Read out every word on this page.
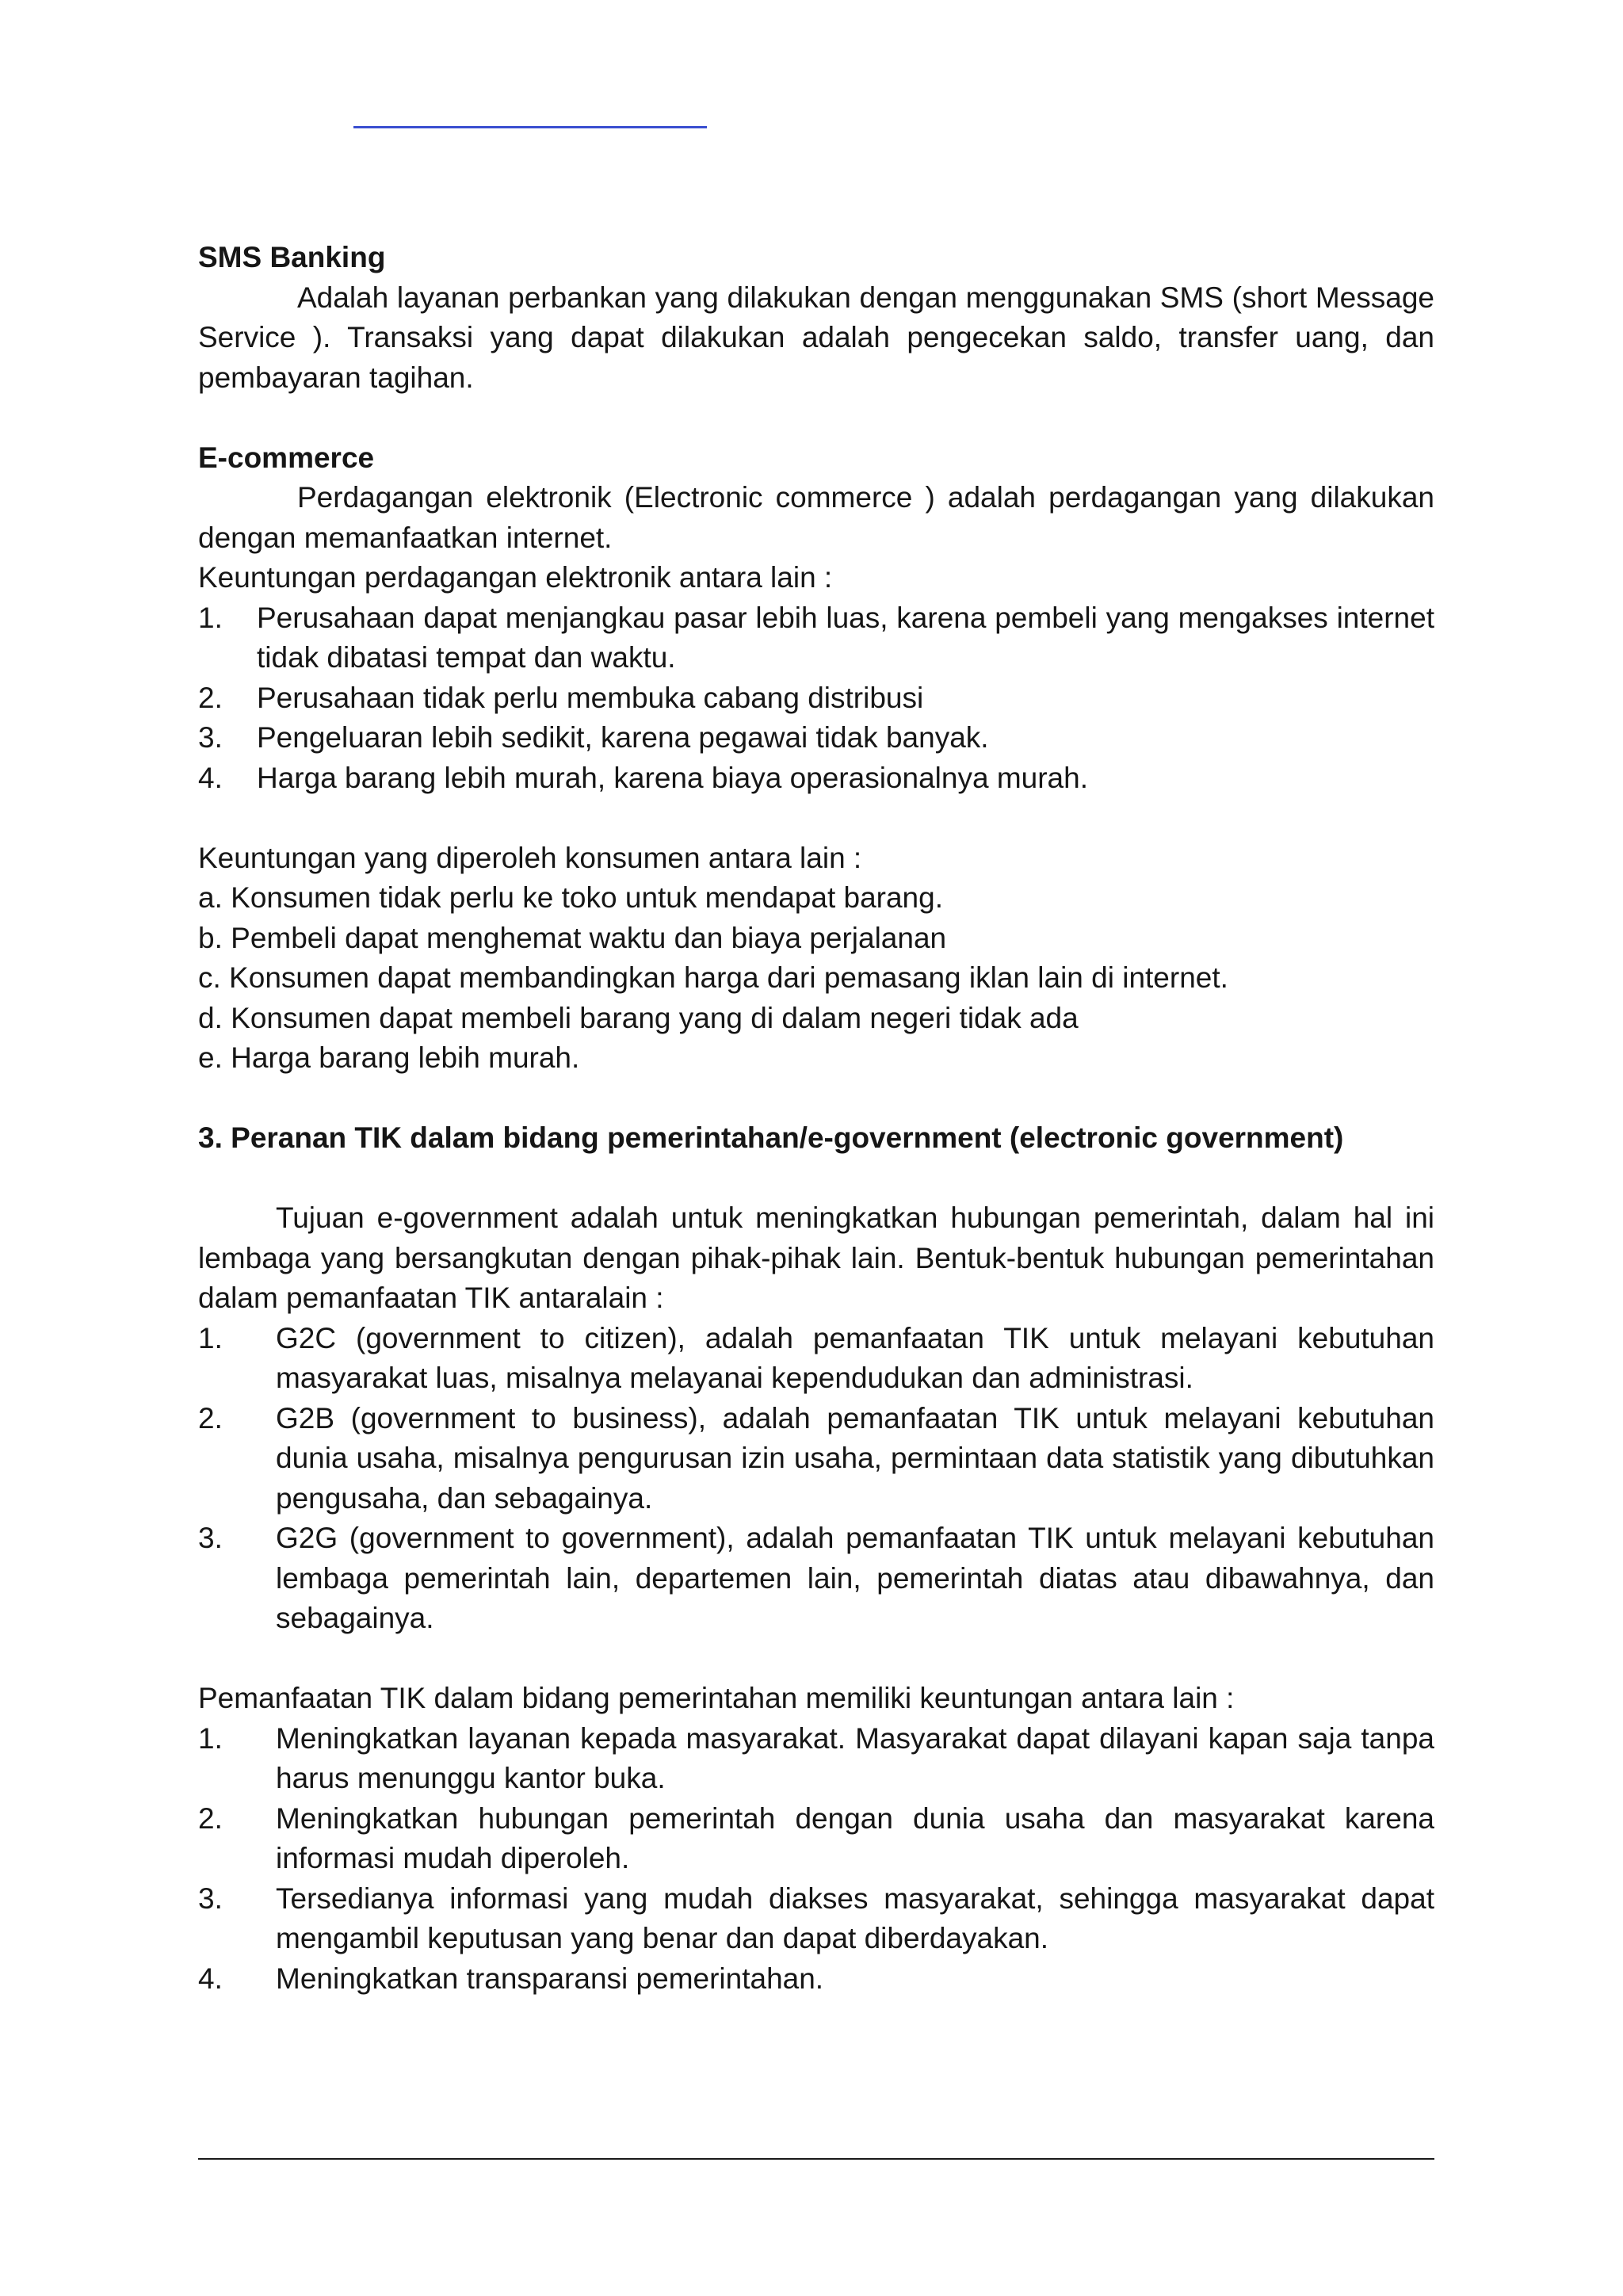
SMS Banking

Adalah layanan perbankan yang dilakukan dengan menggunakan SMS (short Message Service ). Transaksi yang dapat dilakukan adalah pengecekan saldo, transfer uang, dan pembayaran tagihan.

E-commerce

Perdagangan elektronik (Electronic commerce ) adalah perdagangan yang dilakukan dengan memanfaatkan internet.

Keuntungan perdagangan elektronik antara lain :

1. Perusahaan dapat menjangkau pasar lebih luas, karena pembeli yang mengakses internet tidak dibatasi tempat dan waktu.
2. Perusahaan tidak perlu membuka cabang distribusi
3. Pengeluaran lebih sedikit, karena pegawai tidak banyak.
4. Harga barang lebih murah, karena biaya operasionalnya murah.

Keuntungan yang diperoleh konsumen antara lain :

a. Konsumen tidak perlu ke toko untuk mendapat barang.

b. Pembeli dapat menghemat waktu dan biaya perjalanan

c. Konsumen dapat membandingkan harga dari pemasang iklan lain di internet.

d. Konsumen dapat membeli barang yang di dalam negeri tidak ada

e. Harga barang lebih murah.

3. Peranan TIK dalam bidang pemerintahan/e-government (electronic government)

Tujuan e-government adalah untuk meningkatkan hubungan pemerintah, dalam hal ini lembaga yang bersangkutan dengan pihak-pihak lain. Bentuk-bentuk hubungan pemerintahan dalam pemanfaatan TIK antaralain :

1. G2C (government to citizen), adalah pemanfaatan TIK untuk melayani kebutuhan masyarakat luas, misalnya melayanai kependudukan dan administrasi.
2. G2B (government to business), adalah pemanfaatan TIK untuk melayani kebutuhan dunia usaha, misalnya pengurusan izin usaha, permintaan data statistik yang dibutuhkan pengusaha, dan sebagainya.
3. G2G (government to government), adalah pemanfaatan TIK untuk melayani kebutuhan lembaga pemerintah lain, departemen lain, pemerintah diatas atau dibawahnya, dan sebagainya.

Pemanfaatan TIK dalam bidang pemerintahan memiliki keuntungan antara lain :

1. Meningkatkan layanan kepada masyarakat. Masyarakat dapat dilayani kapan saja tanpa harus menunggu kantor buka.
2. Meningkatkan hubungan pemerintah dengan dunia usaha dan masyarakat karena informasi mudah diperoleh.
3. Tersedianya informasi yang mudah diakses masyarakat, sehingga masyarakat dapat mengambil keputusan yang benar dan dapat diberdayakan.
4. Meningkatkan transparansi pemerintahan.
